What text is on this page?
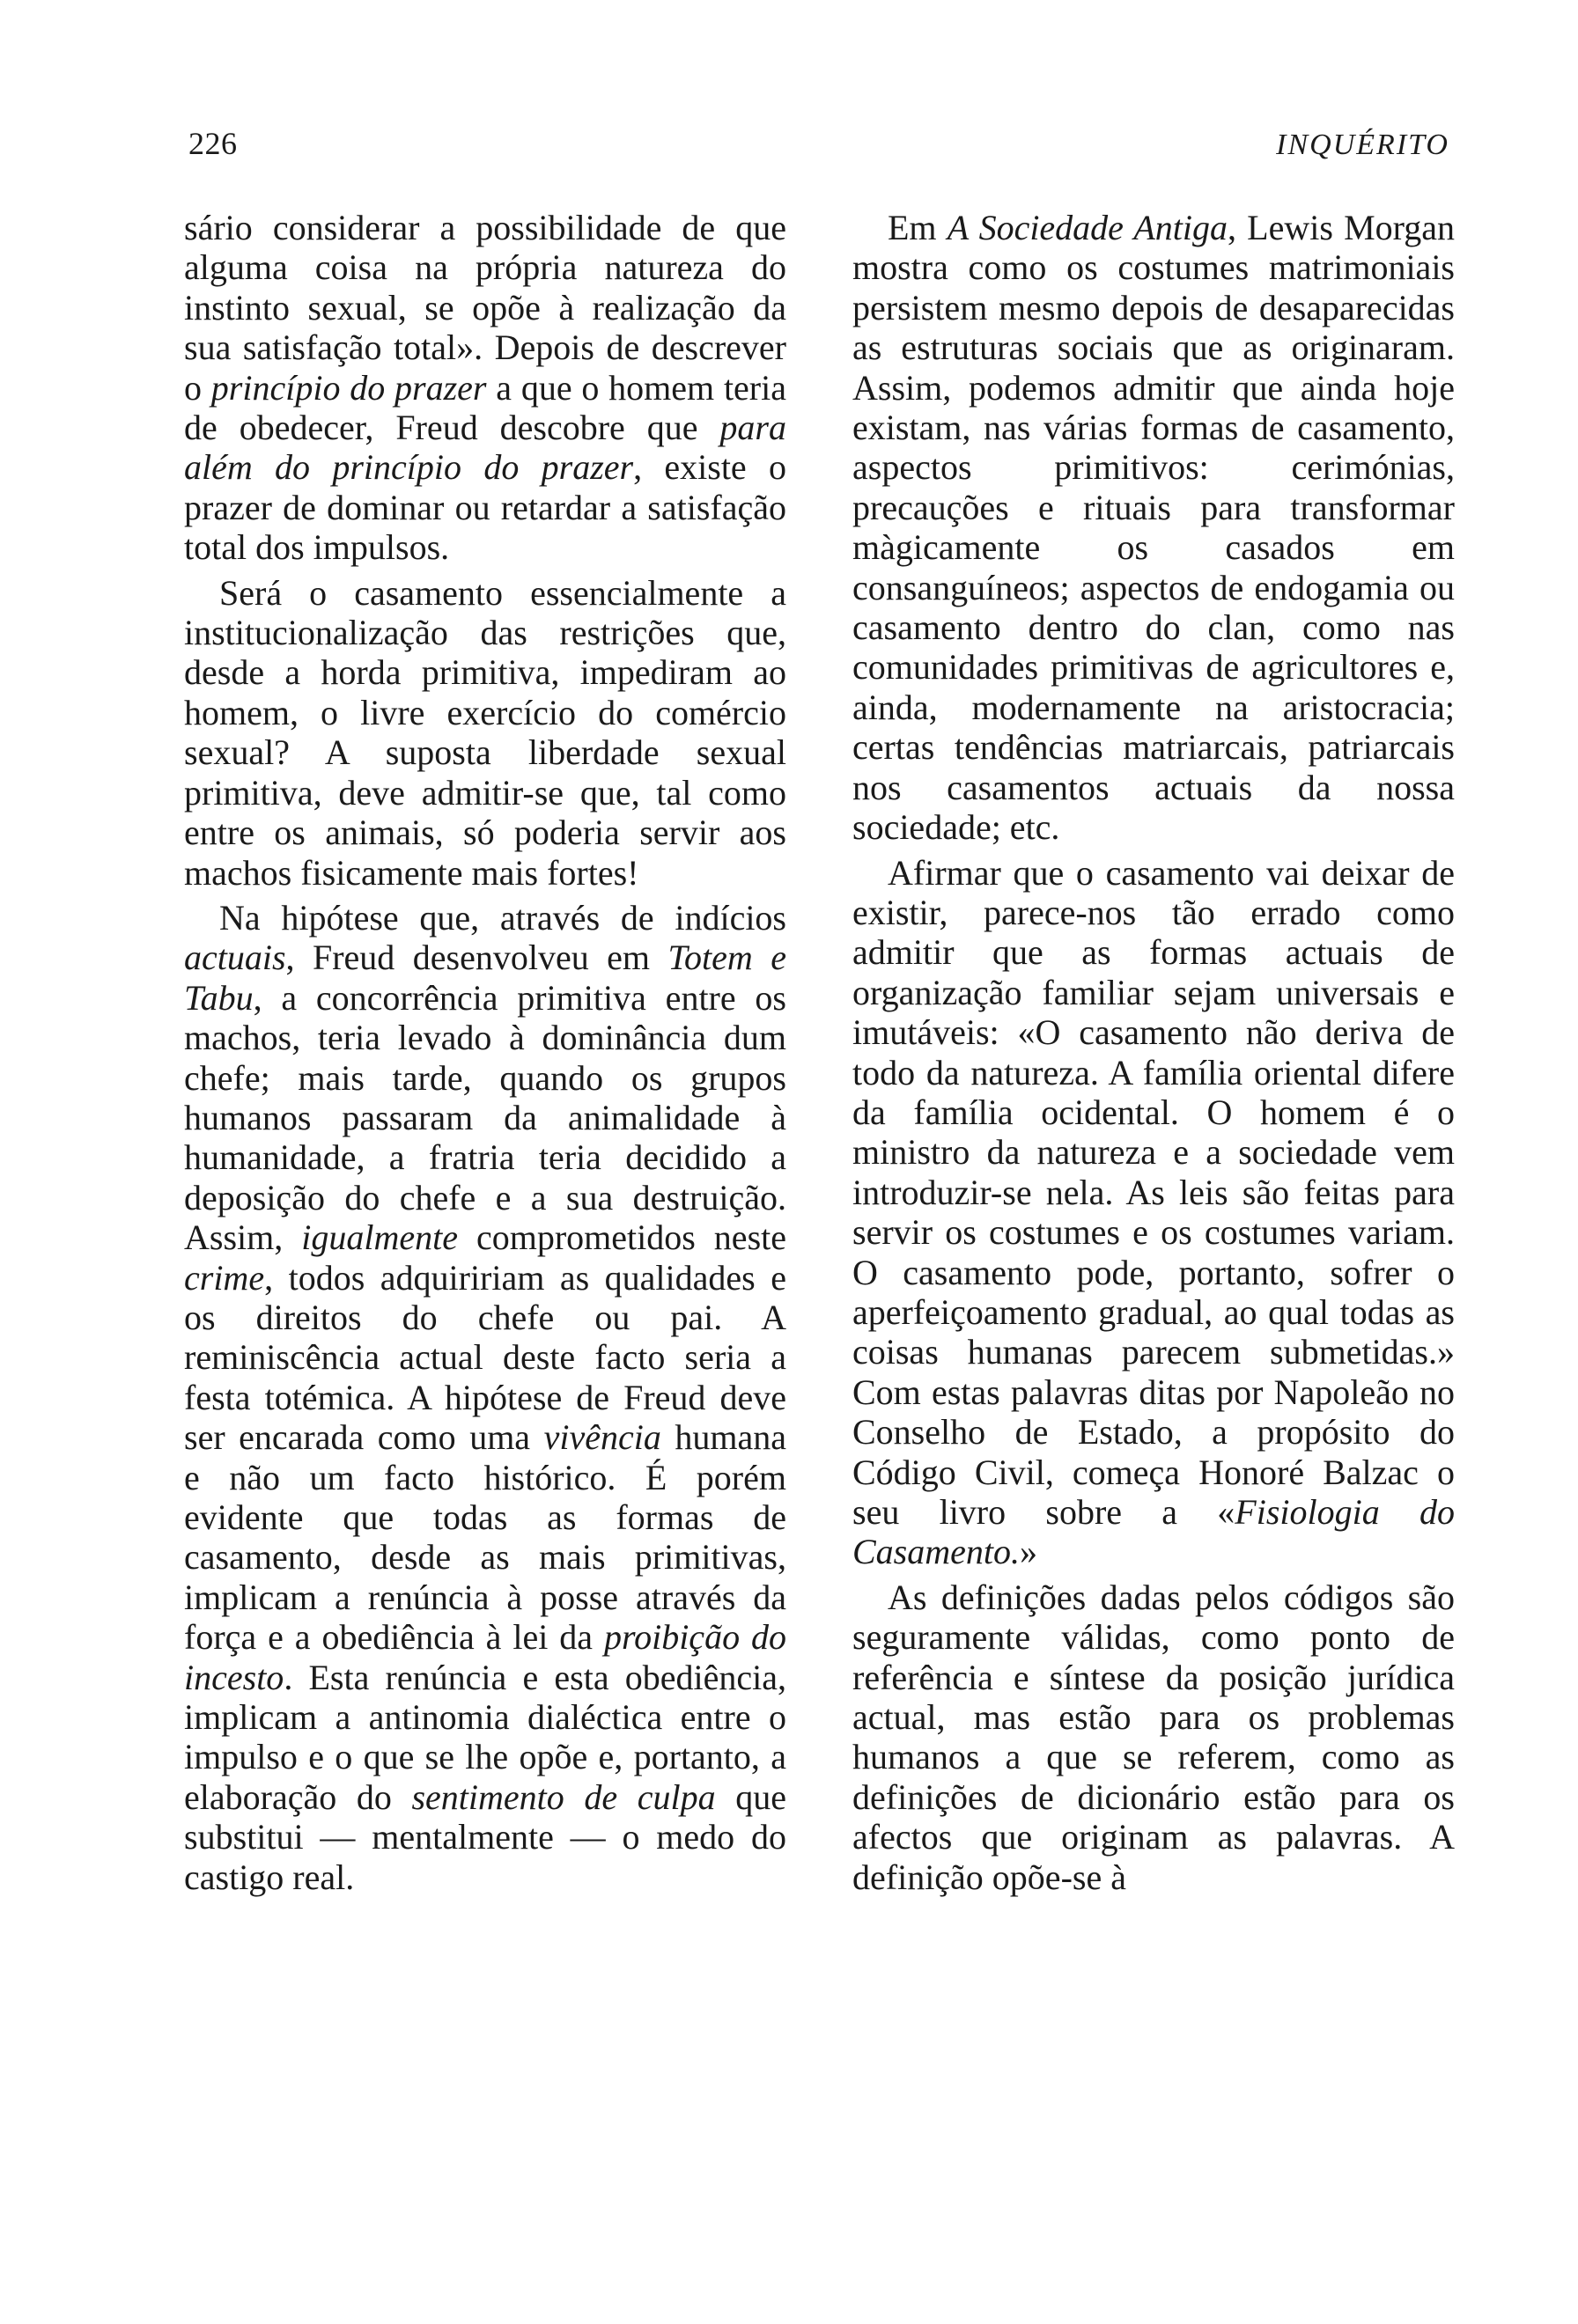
226	INQUÉRITO

sário considerar a possibilidade de que alguma coisa na própria natureza do instinto sexual, se opõe à realização da sua satisfação total». Depois de descrever o princípio do prazer a que o homem teria de obedecer, Freud descobre que para além do princípio do prazer, existe o prazer de dominar ou retardar a satisfação total dos impulsos.

Será o casamento essencialmente a institucionalização das restrições que, desde a horda primitiva, impediram ao homem, o livre exercício do comércio sexual? A suposta liberdade sexual primitiva, deve admitir-se que, tal como entre os animais, só poderia servir aos machos fisicamente mais fortes!

Na hipótese que, através de indícios actuais, Freud desenvolveu em Totem e Tabu, a concorrência primitiva entre os machos, teria levado à dominância dum chefe; mais tarde, quando os grupos humanos passaram da animalidade à humanidade, a fratria teria decidido a deposição do chefe e a sua destruição. Assim, igualmente comprometidos neste crime, todos adquiririam as qualidades e os direitos do chefe ou pai. A reminiscência actual deste facto seria a festa totémica. A hipótese de Freud deve ser encarada como uma vivência humana e não um facto histórico. É porém evidente que todas as formas de casamento, desde as mais primitivas, implicam a renúncia à posse através da força e a obediência à lei da proibição do incesto. Esta renúncia e esta obediência, implicam a antinomia dialéctica entre o impulso e o que se lhe opõe e, portanto, a elaboração do sentimento de culpa que substitui — mentalmente — o medo do castigo real.

Em A Sociedade Antiga, Lewis Morgan mostra como os costumes matrimoniais persistem mesmo depois de desaparecidas as estruturas sociais que as originaram. Assim, podemos admitir que ainda hoje existam, nas várias formas de casamento, aspectos primitivos: cerimónias, precauções e rituais para transformar màgicamente os casados em consanguíneos; aspectos de endogamia ou casamento dentro do clan, como nas comunidades primitivas de agricultores e, ainda, modernamente na aristocracia; certas tendências matriarcais, patriarcais nos casamentos actuais da nossa sociedade; etc.

Afirmar que o casamento vai deixar de existir, parece-nos tão errado como admitir que as formas actuais de organização familiar sejam universais e imutáveis: «O casamento não deriva de todo da natureza. A família oriental difere da família ocidental. O homem é o ministro da natureza e a sociedade vem introduzir-se nela. As leis são feitas para servir os costumes e os costumes variam. O casamento pode, portanto, sofrer o aperfeiçoamento gradual, ao qual todas as coisas humanas parecem submetidas.» Com estas palavras ditas por Napoleão no Conselho de Estado, a propósito do Código Civil, começa Honoré Balzac o seu livro sobre a «Fisiologia do Casamento.»

As definições dadas pelos códigos são seguramente válidas, como ponto de referência e síntese da posição jurídica actual, mas estão para os problemas humanos a que se referem, como as definições de dicionário estão para os afectos que originam as palavras. A definição opõe-se à
